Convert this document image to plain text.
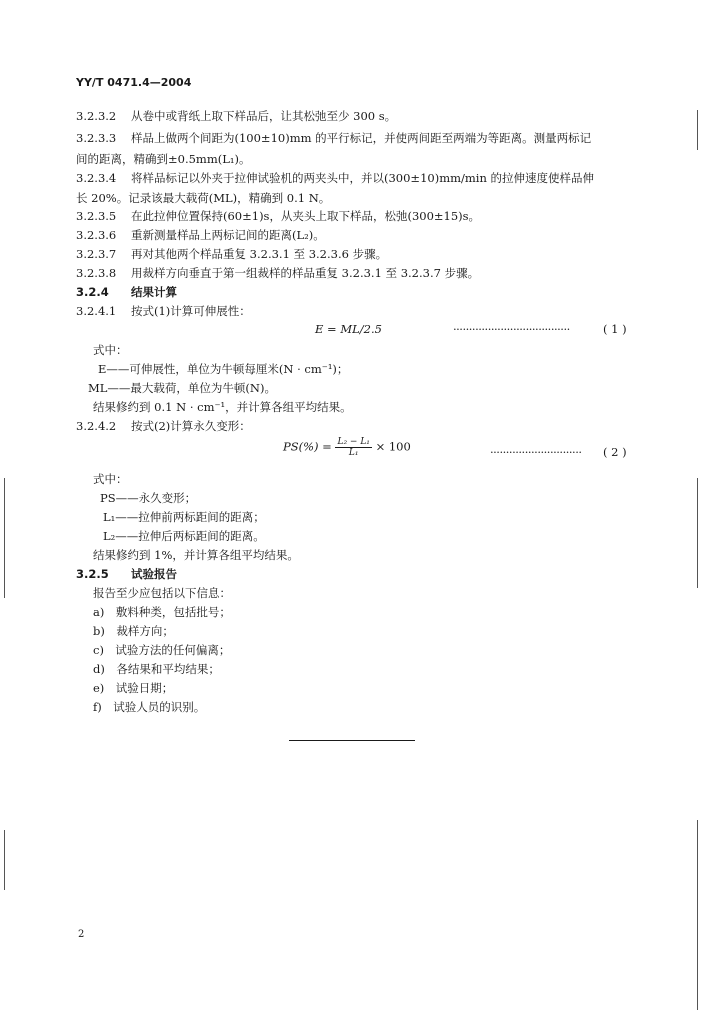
YY/T 0471.4—2004
3.2.3.2 从卷中或背纸上取下样品后，让其松弛至少 300 s。
3.2.3.3 样品上做两个间距为(100±10)mm 的平行标记，并使两间距至两端为等距离。测量两标记
间的距离，精确到±0.5mm(L₁)。
3.2.3.4 将样品标记以外夹于拉伸试验机的两夹头中，并以(300±10)mm/min 的拉伸速度使样品伸
长 20%。记录该最大载荷(ML)，精确到 0.1 N。
3.2.3.5 在此拉伸位置保持(60±1)s，从夹头上取下样品，松弛(300±15)s。
3.2.3.6 重新测量样品上两标记间的距离(L₂)。
3.2.3.7 再对其他两个样品重复 3.2.3.1 至 3.2.3.6 步骤。
3.2.3.8 用裁样方向垂直于第一组裁样的样品重复 3.2.3.1 至 3.2.3.7 步骤。
3.2.4 结果计算
3.2.4.1 按式(1)计算可伸展性：
E = ML/2.5	·····································	( 1 )
式中：
E——可伸展性，单位为牛顿每厘米(N · cm⁻¹)；
ML——最大载荷，单位为牛顿(N)。
结果修约到 0.1 N · cm⁻¹，并计算各组平均结果。
3.2.4.2 按式(2)计算永久变形：
$PS(\%) = \frac{\text{L₂ − L₁}}{\text{L₁}} \times 100$	····························· ( 2 )
式中：
PS——永久变形；
L₁——拉伸前两标距间的距离；
L₂——拉伸后两标距间的距离。
结果修约到 1%，并计算各组平均结果。
3.2.5 试验报告
报告至少应包括以下信息：
a)　敷料种类，包括批号；
b)　裁样方向；
c)　试验方法的任何偏离；
d)　各结果和平均结果；
e)　试验日期；
f)　试验人员的识别。
2
